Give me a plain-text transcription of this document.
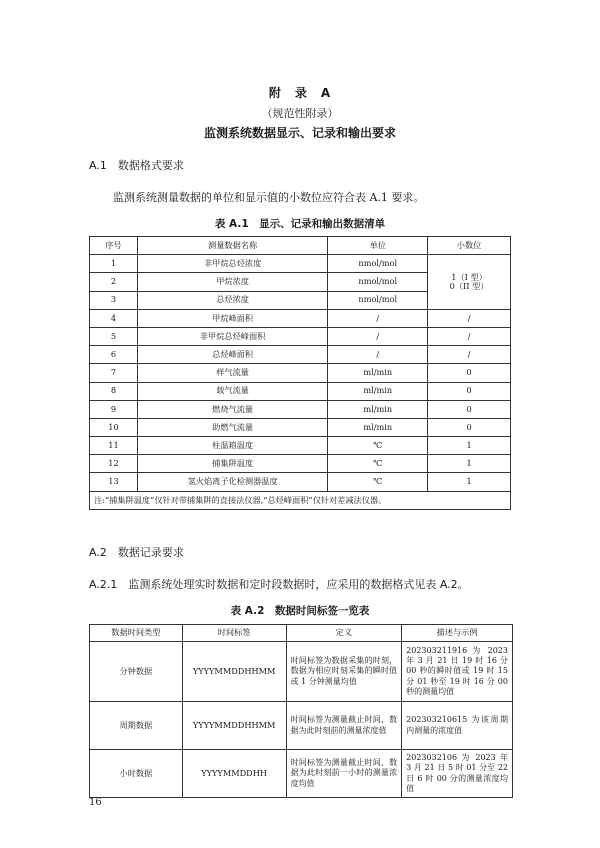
附　录　A
（规范性附录）
监测系统数据显示、记录和输出要求
A.1　数据格式要求
监测系统测量数据的单位和显示值的小数位应符合表 A.1 要求。
表 A.1　显示、记录和输出数据清单
序号	测量数据名称	单位	小数位
1	非甲烷总烃浓度	nmol/mol	1（I 型）
0（II 型）

2	甲烷浓度	nmol/mol	
3	总烃浓度	nmol/mol	
4	甲烷峰面积	/	/
5	非甲烷总烃峰面积	/	/
6	总烃峰面积	/	/
7	样气流量	ml/min	0
8	载气流量	ml/min	0
9	燃烧气流量	ml/min	0
10	助燃气流量	ml/min	0
11	柱温箱温度	℃	1
12	捕集阱温度	℃	1
13	氢火焰离子化检测器温度	℃	1
注:“捕集阱温度”仅针对带捕集阱的直接法仪器,“总烃峰面积”仅针对差减法仪器。			
A.2　数据记录要求
A.2.1　监测系统处理实时数据和定时段数据时，应采用的数据格式见表 A.2。
表 A.2　数据时间标签一览表
数据时间类型	时间标签	定义	描述与示例
分钟数据	YYYYMMDDHHMM	时间标签为数据采集的时刻，数据为相应时刻采集的瞬时值或 1 分钟测量均值	202303211916 为 2023 年 3 月 21 日 19 时 16 分 00 秒的瞬时值或 19 时 15 分 01 秒至 19 时 16 分 00 秒的测量均值
周期数据	YYYYMMDDHHMM	时间标签为测量截止时间，数据为此时刻前的测量浓度值	202303210615 为该周期内测量的浓度值
小时数据	YYYYMMDDHH	时间标签为测量截止时间，数据为此时刻前一小时的测量浓度均值	2023032106 为 2023 年 3 月 21 日 5 时 01 分至 22 日 6 时 00 分的测量浓度均值
16
